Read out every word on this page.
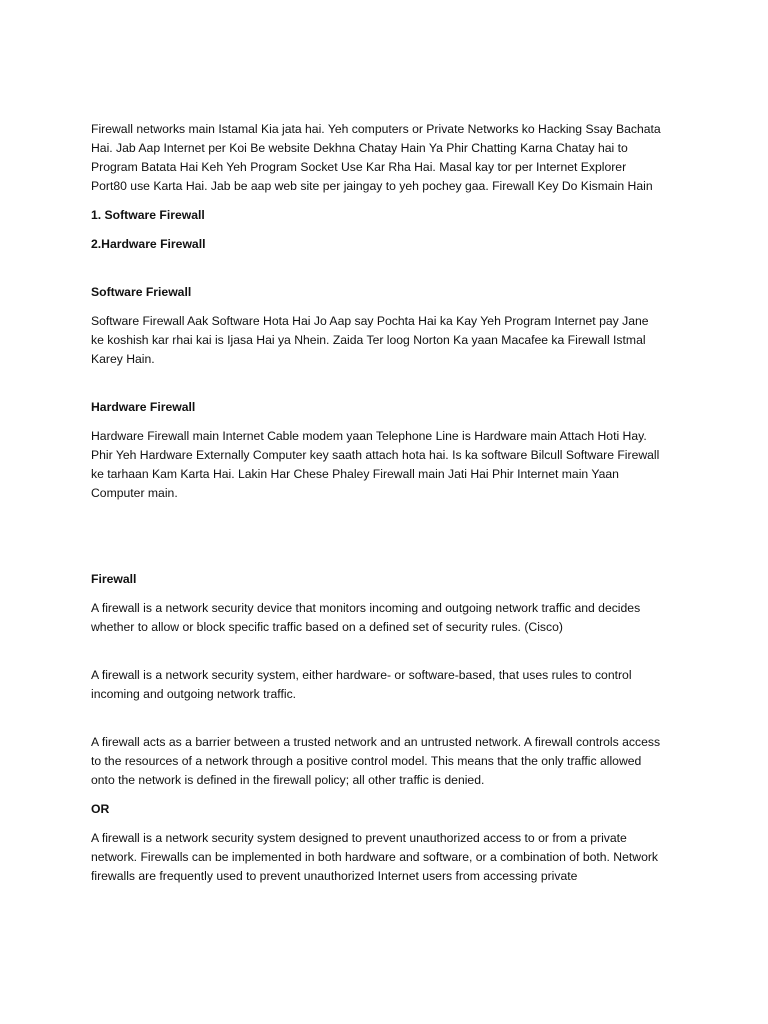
Firewall networks main Istamal Kia jata hai. Yeh computers or Private Networks ko Hacking Ssay Bachata Hai. Jab Aap Internet per Koi Be website Dekhna Chatay Hain Ya Phir Chatting Karna Chatay hai to Program Batata Hai Keh Yeh Program Socket Use Kar Rha Hai. Masal kay tor per Internet Explorer Port80 use Karta Hai. Jab be aap web site per jaingay to yeh pochey gaa. Firewall Key Do Kismain Hain

1. Software Firewall

2.Hardware Firewall

Software Friewall

Software Firewall Aak Software Hota Hai Jo Aap say Pochta Hai ka Kay Yeh Program Internet pay Jane ke koshish kar rhai kai is Ijasa Hai ya Nhein. Zaida Ter loog Norton Ka yaan Macafee ka Firewall Istmal Karey Hain.

Hardware Firewall

Hardware Firewall main Internet Cable modem yaan Telephone Line is Hardware main Attach Hoti Hay. Phir Yeh Hardware Externally Computer key saath attach hota hai. Is ka software Bilcull Software Firewall ke tarhaan Kam Karta Hai. Lakin Har Chese Phaley Firewall main Jati Hai Phir Internet main Yaan Computer main.

Firewall

A firewall is a network security device that monitors incoming and outgoing network traffic and decides whether to allow or block specific traffic based on a defined set of security rules. (Cisco)

A firewall is a network security system, either hardware- or software-based, that uses rules to control incoming and outgoing network traffic.

A firewall acts as a barrier between a trusted network and an untrusted network. A firewall controls access to the resources of a network through a positive control model. This means that the only traffic allowed onto the network is defined in the firewall policy; all other traffic is denied.

OR

A firewall is a network security system designed to prevent unauthorized access to or from a private network. Firewalls can be implemented in both hardware and software, or a combination of both. Network firewalls are frequently used to prevent unauthorized Internet users from accessing private
